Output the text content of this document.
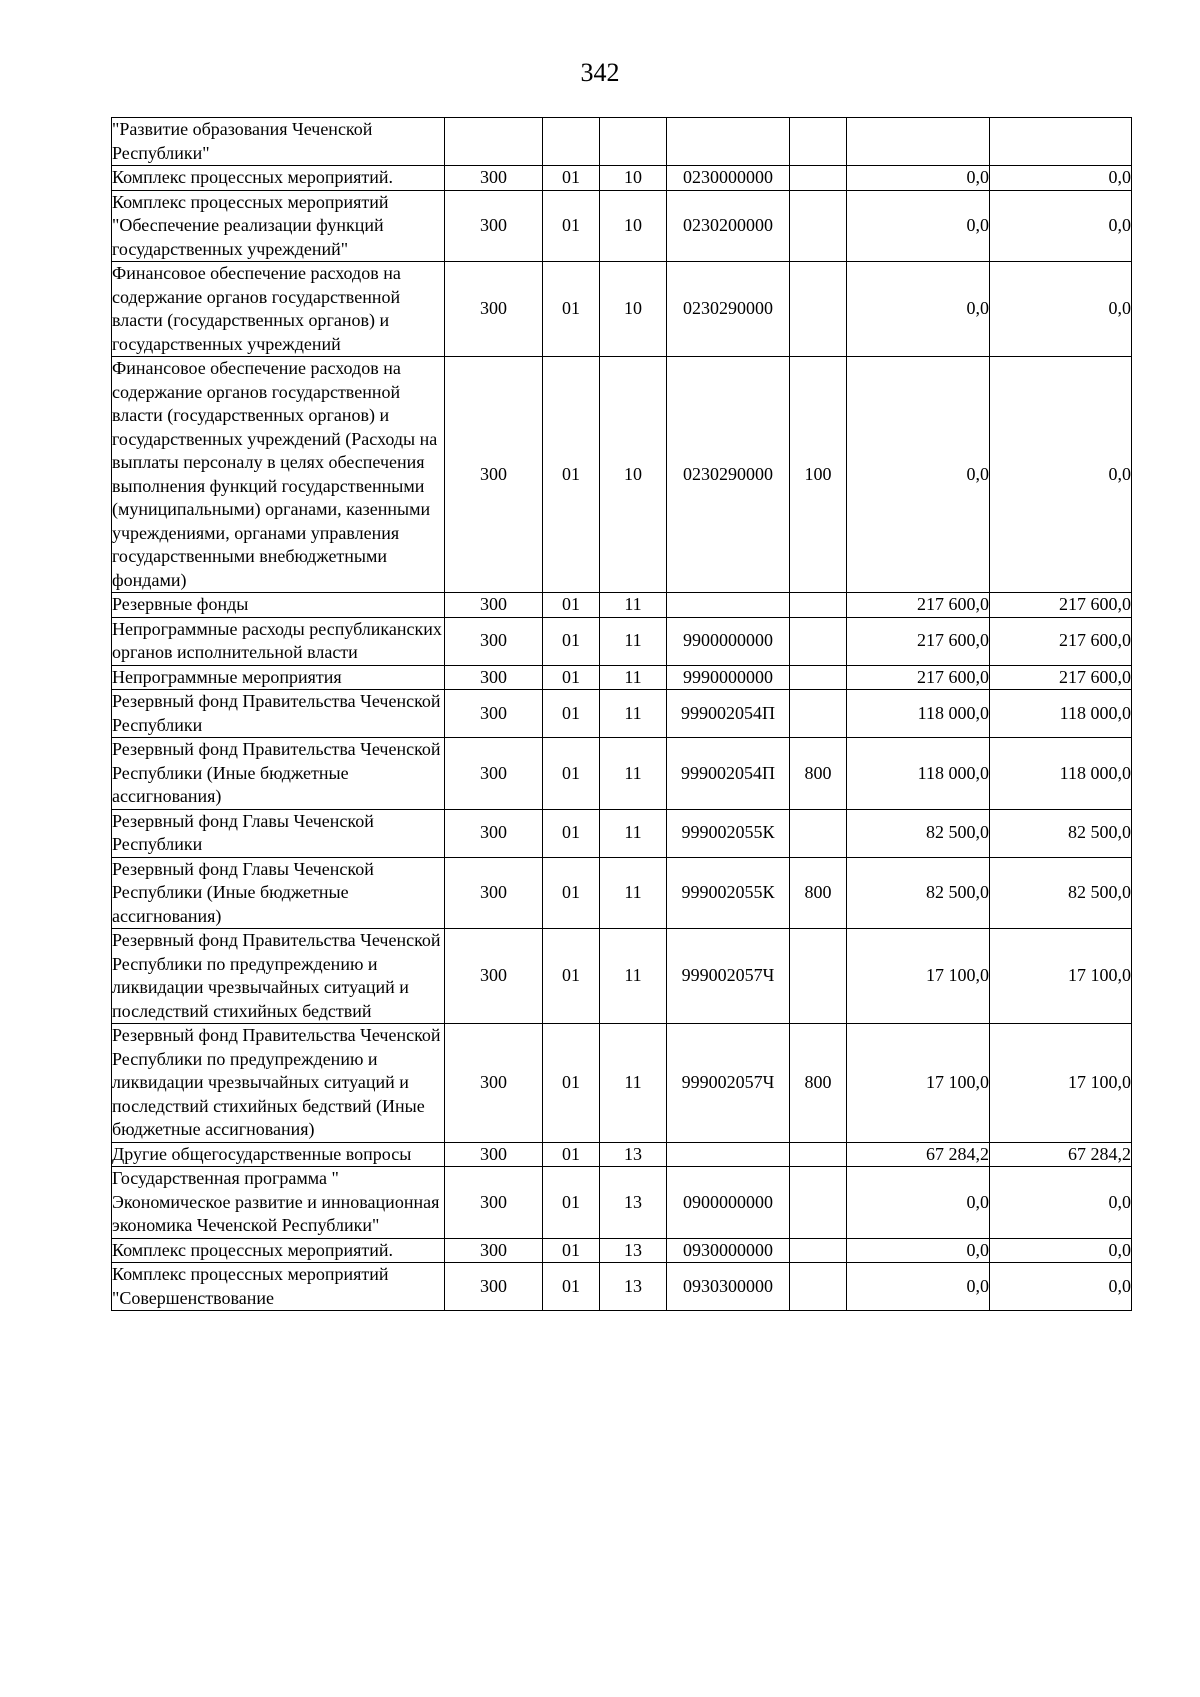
342
"Развитие образования Чеченской Республики"							
Комплекс процессных мероприятий.	300	01	10	0230000000		0,0	0,0
Комплекс процессных мероприятий "Обеспечение реализации функций государственных учреждений"	300	01	10	0230200000		0,0	0,0
Финансовое обеспечение расходов на содержание органов государственной власти (государственных органов) и государственных учреждений	300	01	10	0230290000		0,0	0,0
Финансовое обеспечение расходов на содержание органов государственной власти (государственных органов) и государственных учреждений (Расходы на выплаты персоналу в целях обеспечения выполнения функций государственными (муниципальными) органами, казенными учреждениями, органами управления государственными внебюджетными фондами)	300	01	10	0230290000	100	0,0	0,0
Резервные фонды	300	01	11			217 600,0	217 600,0
Непрограммные расходы республиканских органов исполнительной власти	300	01	11	9900000000		217 600,0	217 600,0
Непрограммные мероприятия	300	01	11	9990000000		217 600,0	217 600,0
Резервный фонд Правительства Чеченской Республики	300	01	11	999002054П		118 000,0	118 000,0
Резервный фонд Правительства Чеченской Республики (Иные бюджетные ассигнования)	300	01	11	999002054П	800	118 000,0	118 000,0
Резервный фонд Главы Чеченской Республики	300	01	11	999002055К		82 500,0	82 500,0
Резервный фонд Главы Чеченской Республики (Иные бюджетные ассигнования)	300	01	11	999002055К	800	82 500,0	82 500,0
Резервный фонд Правительства Чеченской Республики по предупреждению и ликвидации чрезвычайных ситуаций и последствий стихийных бедствий	300	01	11	999002057Ч		17 100,0	17 100,0
Резервный фонд Правительства Чеченской Республики по предупреждению и ликвидации чрезвычайных ситуаций и последствий стихийных бедствий (Иные бюджетные ассигнования)	300	01	11	999002057Ч	800	17 100,0	17 100,0
Другие общегосударственные вопросы	300	01	13			67 284,2	67 284,2
Государственная программа " Экономическое развитие и инновационная экономика Чеченской Республики"	300	01	13	0900000000		0,0	0,0
Комплекс процессных мероприятий.	300	01	13	0930000000		0,0	0,0
Комплекс процессных мероприятий "Совершенствование	300	01	13	0930300000		0,0	0,0
